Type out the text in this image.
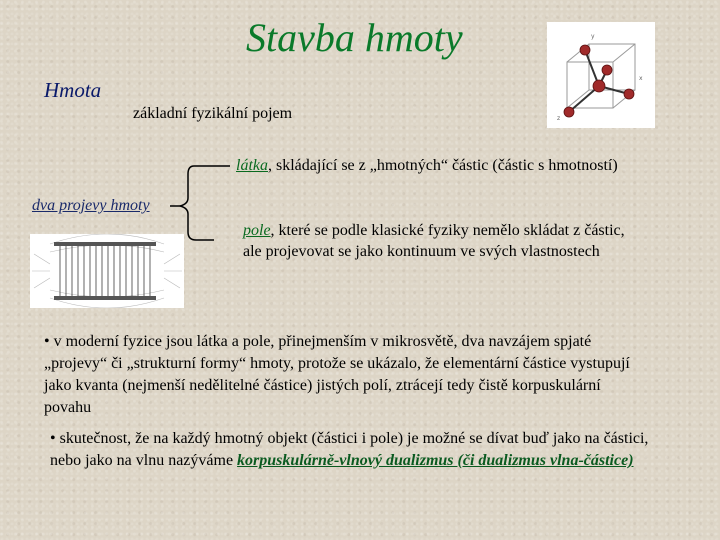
Stavba hmoty
Hmota
základní fyzikální pojem
y
x
z
látka, skládající se z „hmotných“ částic (částic s hmotností)
dva projevy hmoty
pole, které se podle klasické fyziky nemělo skládat z částic, ale projevovat se jako kontinuum ve svých vlastnostech
• v moderní fyzice jsou látka a pole, přinejmenším v mikrosvětě, dva navzájem spjaté „projevy“ či „strukturní formy“ hmoty, protože se ukázalo, že elementární částice vystupují jako kvanta (nejmenší nedělitelné částice) jistých polí, ztrácejí tedy čistě korpuskulární povahu
• skutečnost, že na každý hmotný objekt (částici i pole) je možné se dívat buď jako na částici, nebo jako na vlnu nazýváme korpuskulárně-vlnový dualizmus (či dualizmus vlna-částice)
